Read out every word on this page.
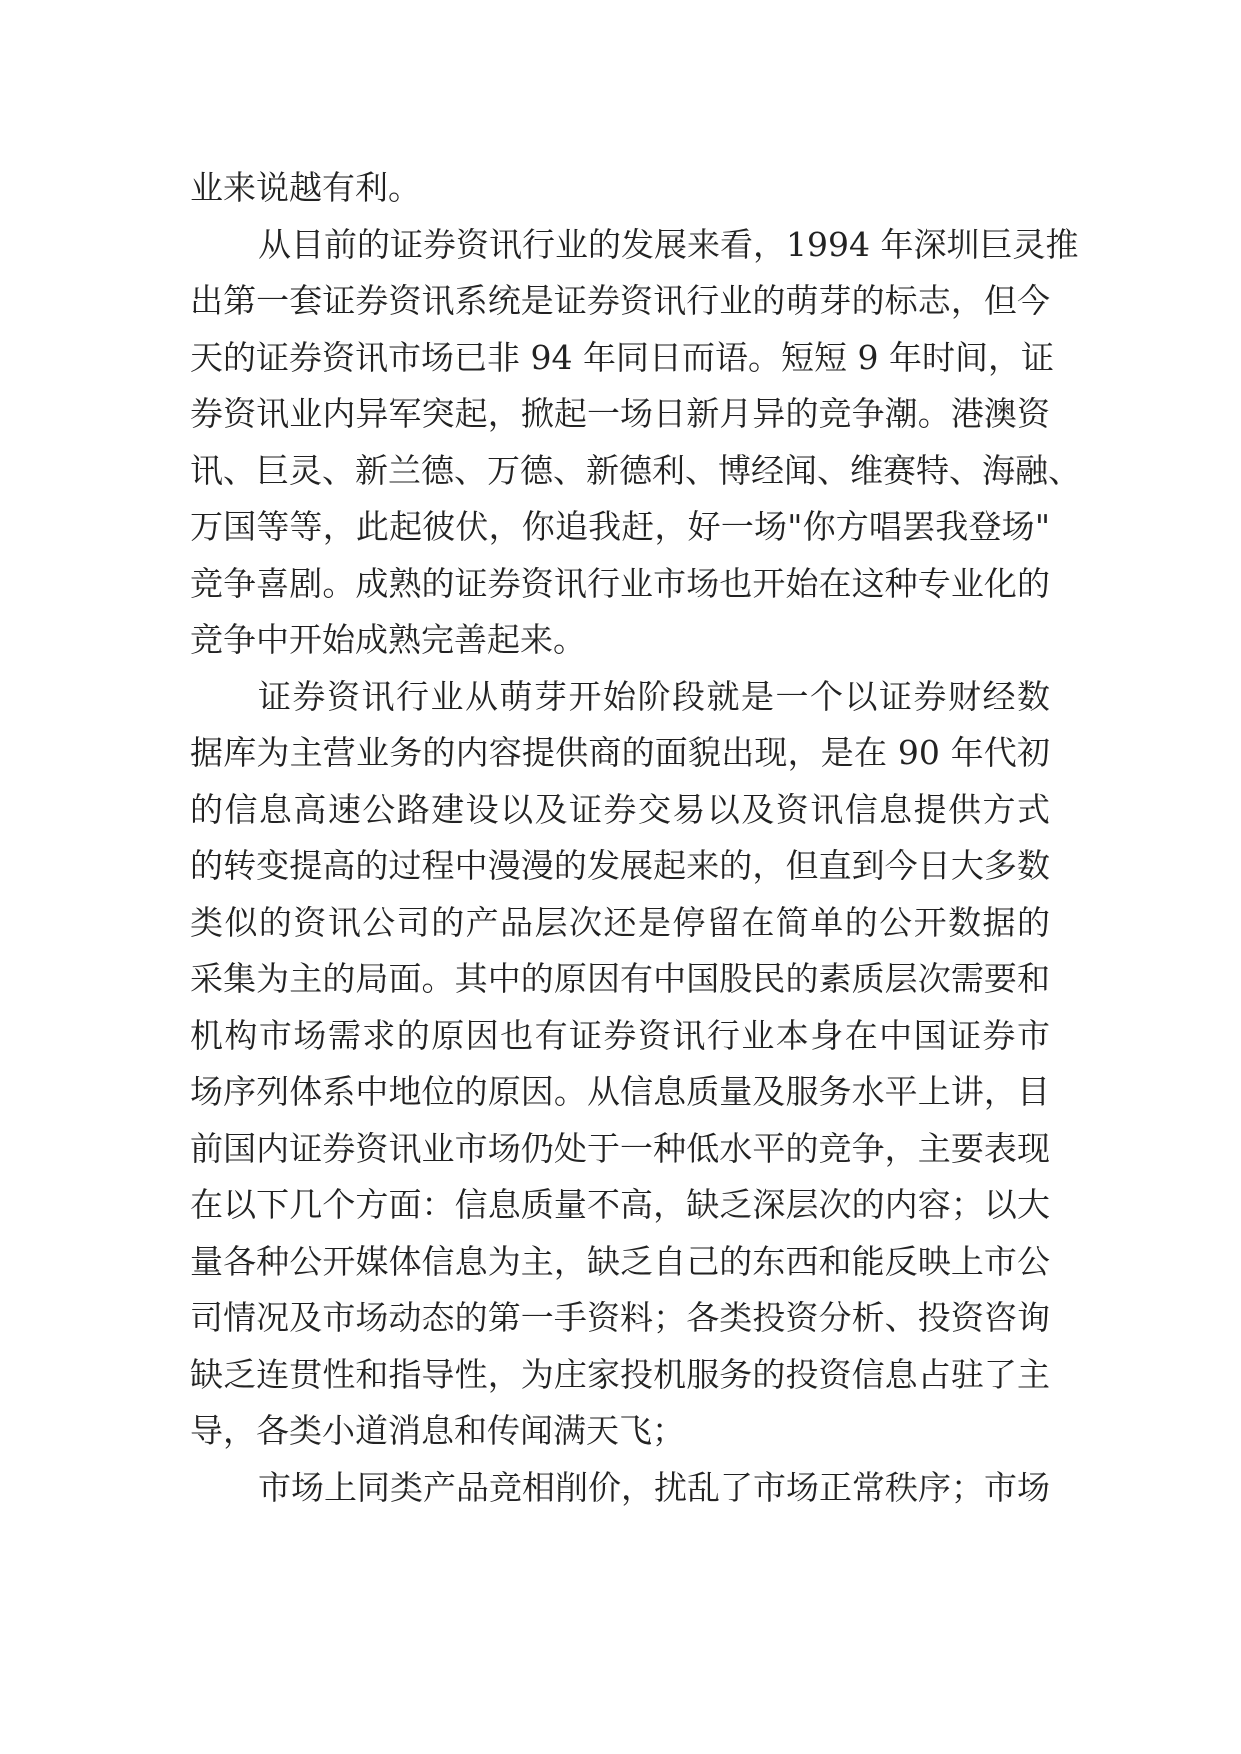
业来说越有利。
从目前的证券资讯行业的发展来看，1994 年深圳巨灵推
出第一套证券资讯系统是证券资讯行业的萌芽的标志，但今
天的证券资讯市场已非 94 年同日而语。短短 9 年时间，证
券资讯业内异军突起，掀起一场日新月异的竞争潮。港澳资
讯、巨灵、新兰德、万德、新德利、博经闻、维赛特、海融、
万国等等，此起彼伏，你追我赶，好一场"你方唱罢我登场"
竞争喜剧。成熟的证券资讯行业市场也开始在这种专业化的
竞争中开始成熟完善起来。
证券资讯行业从萌芽开始阶段就是一个以证券财经数
据库为主营业务的内容提供商的面貌出现，是在 90 年代初
的信息高速公路建设以及证券交易以及资讯信息提供方式
的转变提高的过程中漫漫的发展起来的，但直到今日大多数
类似的资讯公司的产品层次还是停留在简单的公开数据的
采集为主的局面。其中的原因有中国股民的素质层次需要和
机构市场需求的原因也有证券资讯行业本身在中国证券市
场序列体系中地位的原因。从信息质量及服务水平上讲，目
前国内证券资讯业市场仍处于一种低水平的竞争，主要表现
在以下几个方面：信息质量不高，缺乏深层次的内容；以大
量各种公开媒体信息为主，缺乏自己的东西和能反映上市公
司情况及市场动态的第一手资料；各类投资分析、投资咨询
缺乏连贯性和指导性，为庄家投机服务的投资信息占驻了主
导，各类小道消息和传闻满天飞；
市场上同类产品竞相削价，扰乱了市场正常秩序；市场
